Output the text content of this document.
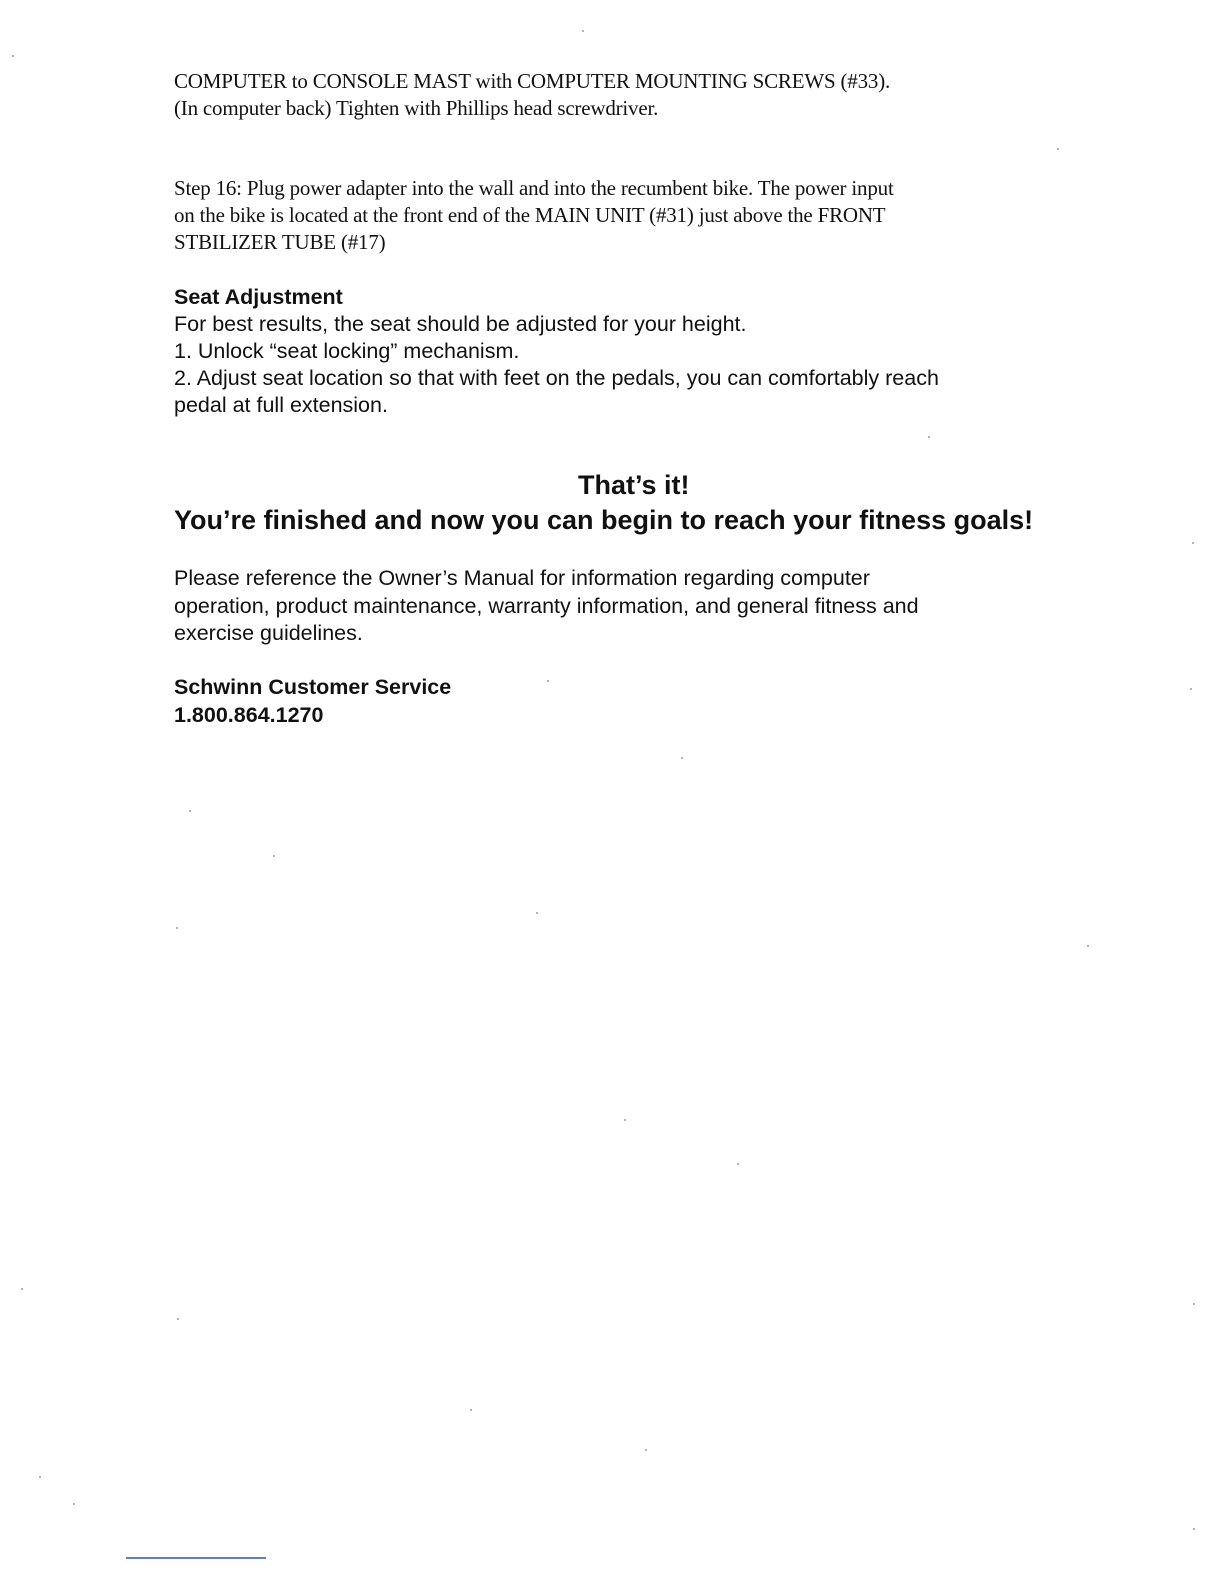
COMPUTER to CONSOLE MAST with COMPUTER MOUNTING SCREWS (#33).
(In computer back) Tighten with Phillips head screwdriver.
Step 16: Plug power adapter into the wall and into the recumbent bike. The power input
on the bike is located at the front end of the MAIN UNIT (#31) just above the FRONT
STBILIZER TUBE (#17)
Seat Adjustment
For best results, the seat should be adjusted for your height.
1. Unlock “seat locking” mechanism.
2. Adjust seat location so that with feet on the pedals, you can comfortably reach
pedal at full extension.
That’s it!
You’re finished and now you can begin to reach your fitness goals!
Please reference the Owner’s Manual for information regarding computer
operation, product maintenance, warranty information, and general fitness and
exercise guidelines.
Schwinn Customer Service
1.800.864.1270
